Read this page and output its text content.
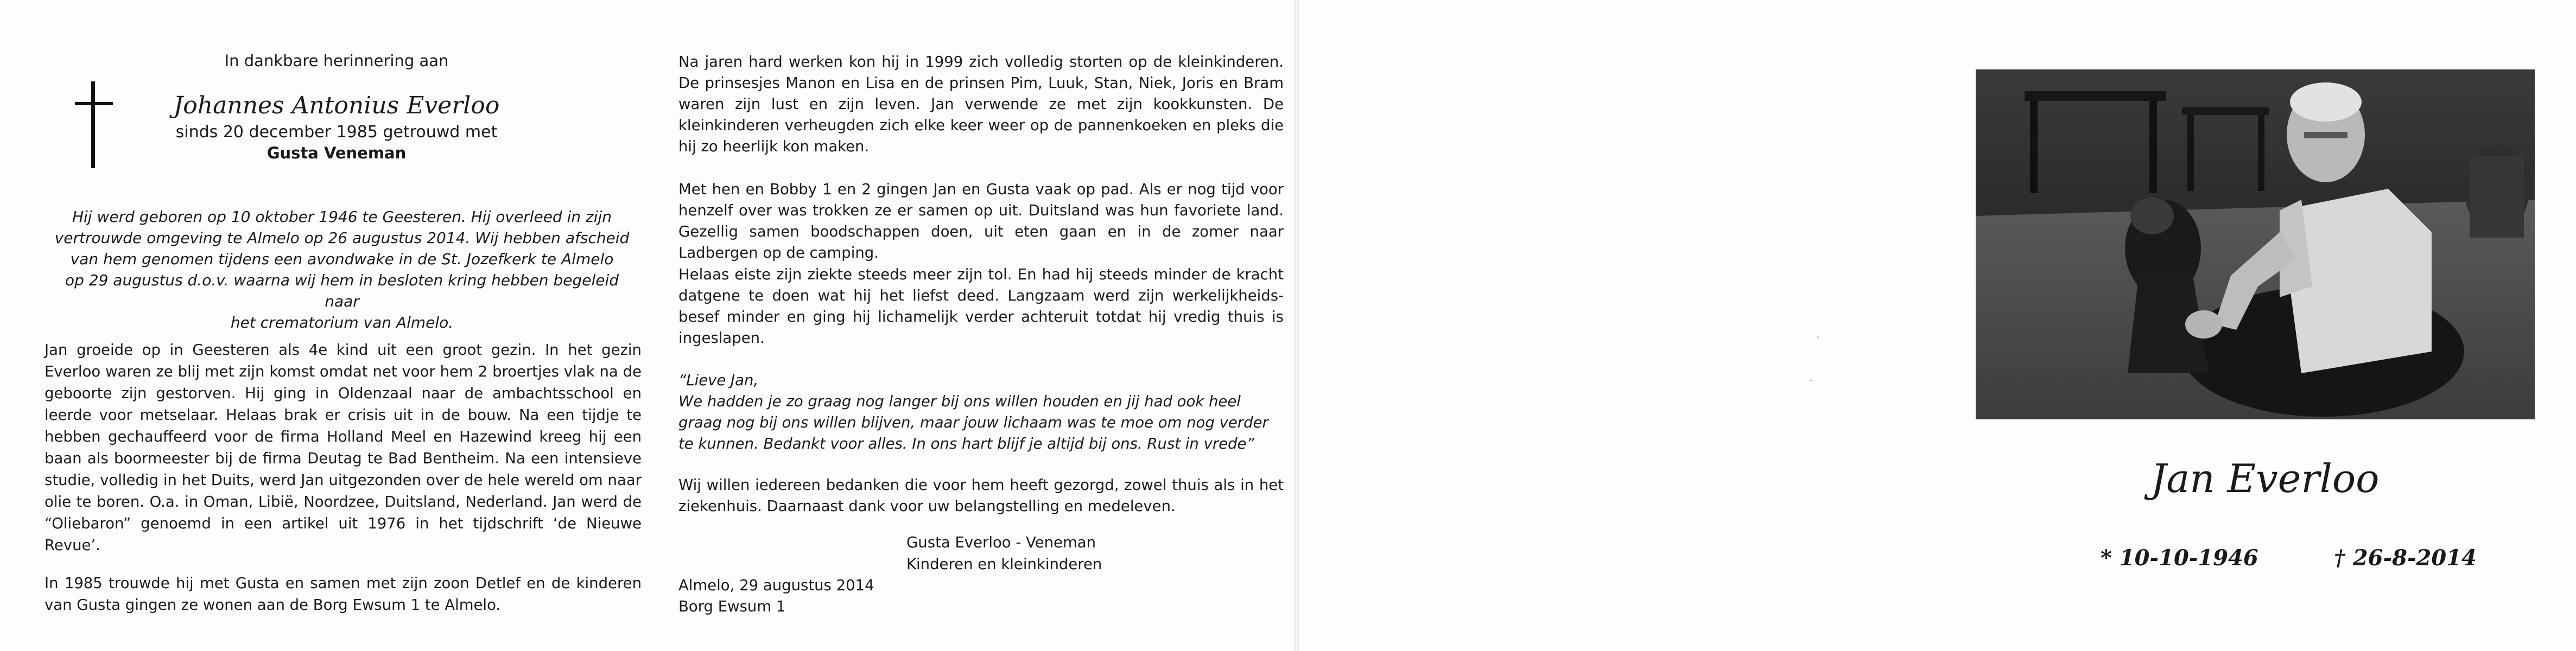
In dankbare herinnering aan
Johannes Antonius Everloo
sinds 20 december 1985 getrouwd met
Gusta Veneman
Hij werd geboren op 10 oktober 1946 te Geesteren. Hij overleed in zijn
vertrouwde omgeving te Almelo op 26 augustus 2014. Wij hebben afscheid
van hem genomen tijdens een avondwake in de St. Jozefkerk te Almelo
op 29 augustus d.o.v. waarna wij hem in besloten kring hebben begeleid naar
het crematorium van Almelo.
Jan groeide op in Geesteren als 4e kind uit een groot gezin. In het gezin Everloo waren ze blij met zijn komst omdat net voor hem 2 broertjes vlak na de geboorte zijn gestorven. Hij ging in Oldenzaal naar de ambachtsschool en leerde voor metselaar. Helaas brak er crisis uit in de bouw. Na een tijdje te hebben gechauffeerd voor de firma Holland Meel en Hazewind kreeg hij een baan als boormeester bij de firma Deutag te Bad Bentheim. Na een intensieve studie, volledig in het Duits, werd Jan uitgezonden over de hele wereld om naar olie te boren. O.a. in Oman, Libië, Noordzee, Duitsland, Nederland. Jan werd de “Oliebaron” genoemd in een artikel uit 1976 in het tijdschrift ‘de Nieuwe Revue’.
In 1985 trouwde hij met Gusta en samen met zijn zoon Detlef en de kinderen van Gusta gingen ze wonen aan de Borg Ewsum 1 te Almelo.
Na jaren hard werken kon hij in 1999 zich volledig storten op de kleinkinderen. De prinsesjes Manon en Lisa en de prinsen Pim, Luuk, Stan, Niek, Joris en Bram waren zijn lust en zijn leven. Jan verwende ze met zijn kookkunsten. De kleinkinderen verheugden zich elke keer weer op de pannenkoeken en pleks die hij zo heerlijk kon maken.
Met hen en Bobby 1 en 2 gingen Jan en Gusta vaak op pad. Als er nog tijd voor henzelf over was trokken ze er samen op uit. Duitsland was hun favoriete land. Gezellig samen boodschappen doen, uit eten gaan en in de zomer naar Ladbergen op de camping.
Helaas eiste zijn ziekte steeds meer zijn tol. En had hij steeds minder de kracht datgene te doen wat hij het liefst deed. Langzaam werd zijn werkelijkheids-besef minder en ging hij lichamelijk verder achteruit totdat hij vredig thuis is ingeslapen.
“Lieve Jan,
We hadden je zo graag nog langer bij ons willen houden en jij had ook heel
graag nog bij ons willen blijven, maar jouw lichaam was te moe om nog verder
te kunnen. Bedankt voor alles. In ons hart blijf je altijd bij ons. Rust in vrede”
Wij willen iedereen bedanken die voor hem heeft gezorgd, zowel thuis als in het ziekenhuis. Daarnaast dank voor uw belangstelling en medeleven.
Gusta Everloo - Veneman
Kinderen en kleinkinderen
Almelo, 29 augustus 2014
Borg Ewsum 1
Jan Everloo
* 10-10-1946	† 26-8-2014
